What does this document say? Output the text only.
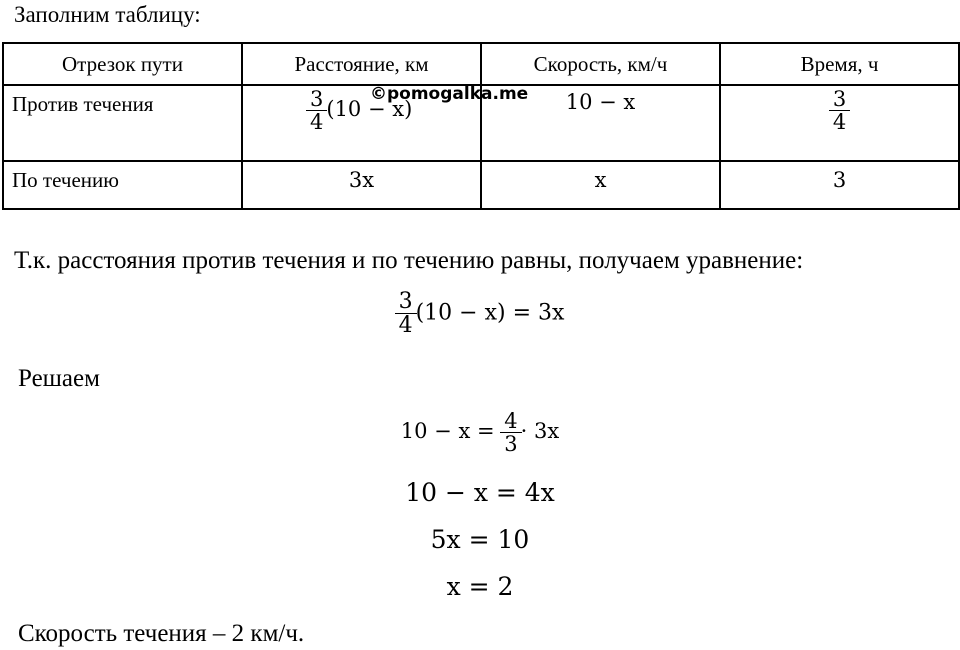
Заполним таблицу:
Отрезок пути	Расстояние, км	Скорость, км/ч	Время, ч
Против течения	$\frac{3}{4} (10 - x)$	10 − x	$\frac{3}{4}$

По течению	3x	x	3
©pomogalka.me
Т.к. расстояния против течения и по течению равны, получаем уравнение:
$\frac{3}{4} (10 - x) = 3x$
Решаем
$10 - x = \frac{4}{3} \cdot 3x$
10 − x = 4x
5x = 10
x = 2
Скорость течения – 2 км/ч.
